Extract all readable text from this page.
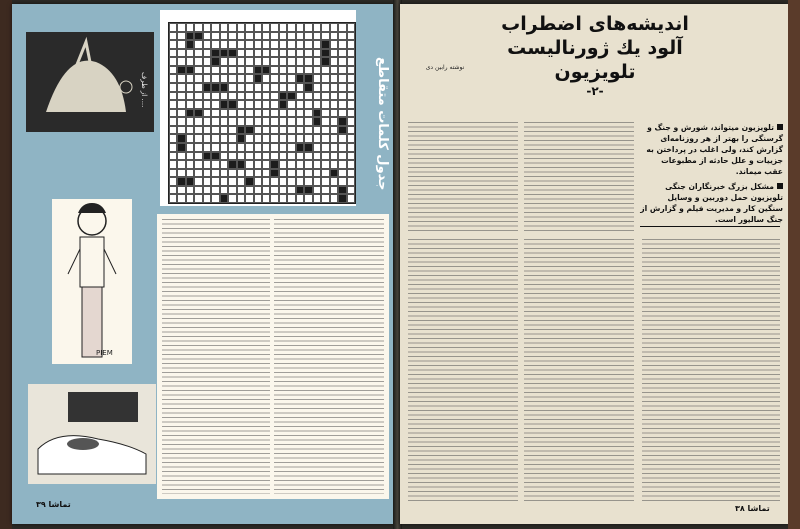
از طرف ....
PIEM
جدول کلمات متقاطع
تماشا ۳۹
اندیشه‌های اضطراب
آلود یك ژورنالیست
تلویزیون
-۲-
نوشته رابین دی
تلویزیون میتواند، شورش و جنگ و گرسنگی را بهتر از هر روزنامه‌ای گزارش کند، ولی اغلب در پرداختن به جزییات و علل حادثه از مطبوعات عقب میماند.
مشکل بزرگ خبرنگاران جنگی تلویزیون حمل دوربین و وسایل سنگین کار و مدیریت فیلم و گزارش از جنگ سالیور است.
تماشا ۳۸
